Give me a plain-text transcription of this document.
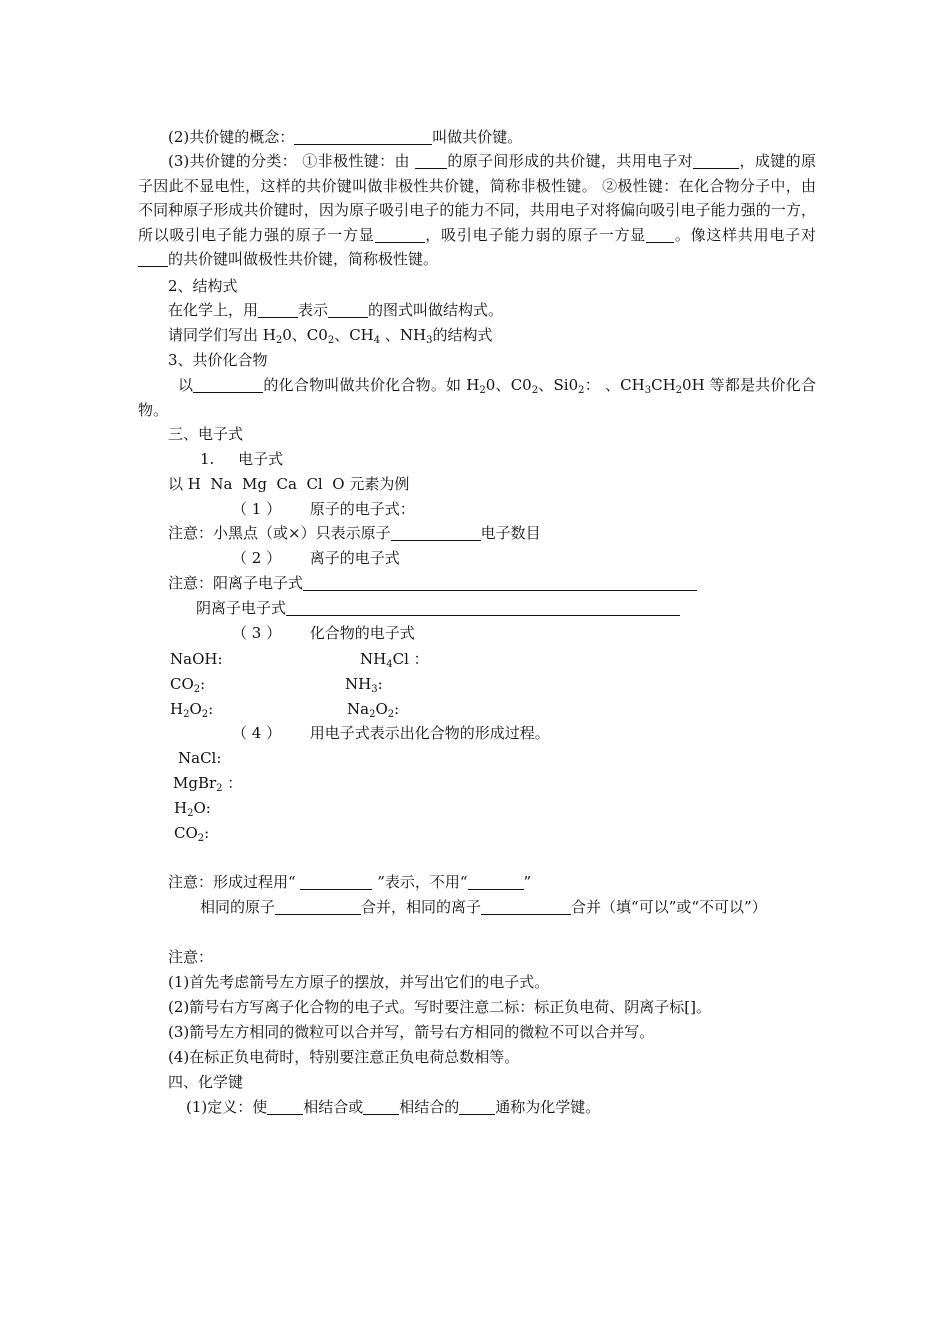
(2)共价键的概念：	叫做共价键。

(3)共价键的分类： ①非极性键：由 的原子间形成的共价键，共用电子对	，成键的原子因此不显电性，这样的共价键叫做非极性共价键，简称非极性键。 ②极性键：在化合物分子中，由不同种原子形成共价键时，因为原子吸引电子的能力不同，共用电子对将偏向吸引电子能力强的一方，所以吸引电子能力强的原子一方显	，吸引电子能力弱的原子一方显 。像这样共用电子对的共价键叫做极性共价键，简称极性键。

2、结构式
在化学上，用	表示	的图式叫做结构式。
请同学们写出 $H_20$、$C0_2$、$CH_4$ 、$NH_3$的结构式
3、共价化合物

以	的化合物叫做共价化合物。如 $H_20$、$C0_2$、$Si0_2$： 、$CH_3CH_20H$ 等都是共价化合物。

三、电子式
1.     电子式
以 H  Na  Mg  Ca  Cl  O 元素为例
（ 1 ）      原子的电子式：
注意：小黑点（或×）只表示原子	电子数目
（ 2 ）      离子的电子式
注意：阳离子电子式
阴离子电子式
（ 3 ）      化合物的电子式
NaOH:	$NH_4Cl$ ：
$CO_2$:	$NH_3$:
$H_2O_2$:	$Na_2O_2$:
（ 4 ）      用电子式表示出化合物的形成过程。
NaCl:
MgBr$_2$ ：
$H_2O$:
$CO_2$:
注意：形成过程用“	”表示，不用“	”

相同的原子	合并，相同的离子	合并（填“可以”或“不可以”）

注意：
(1)首先考虑箭号左方原子的摆放，并写出它们的电子式。
(2)箭号右方写离子化合物的电子式。写时要注意二标：标正负电荷、阴离子标[]。
(3)箭号左方相同的微粒可以合并写，箭号右方相同的微粒不可以合并写。
(4)在标正负电荷时，特别要注意正负电荷总数相等。
四、化学键
(1)定义：使 相结合或 相结合的 通称为化学键。
